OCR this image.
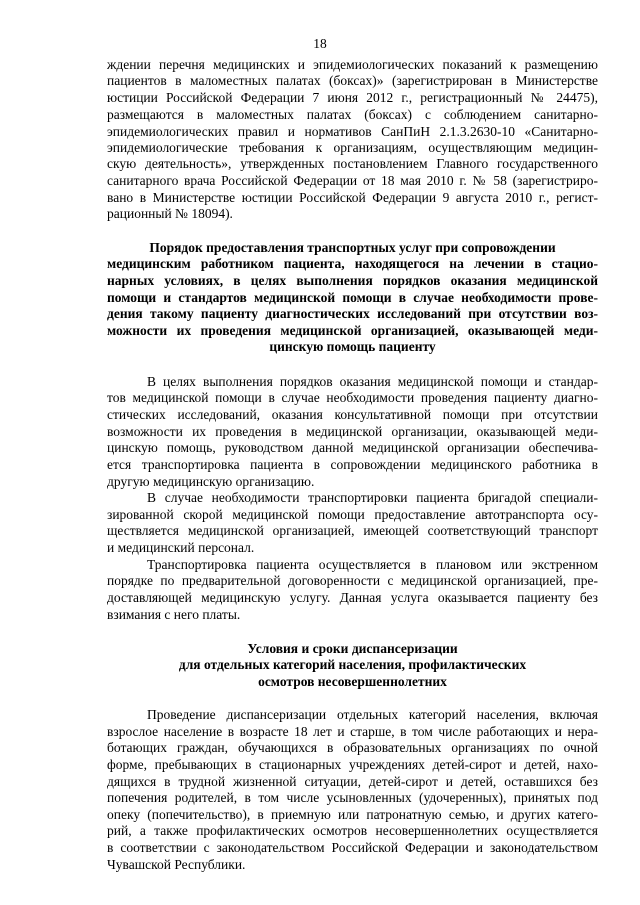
18
ждении перечня медицинских и эпидемиологических показаний к размещению
пациентов в маломестных палатах (боксах)» (зарегистрирован в Министерстве
юстиции Российской Федерации 7 июня 2012 г., регистрационный № 24475),
размещаются в маломестных палатах (боксах) с соблюдением санитарно-
эпидемиологических правил и нормативов СанПиН 2.1.3.2630-10 «Санитарно-
эпидемиологические требования к организациям, осуществляющим медицин-
скую деятельность», утвержденных постановлением Главного государственного
санитарного врача Российской Федерации от 18 мая 2010 г. № 58 (зарегистриро-
вано в Министерстве юстиции Российской Федерации 9 августа 2010 г., регист-
рационный № 18094).
Порядок предоставления транспортных услуг при сопровождении
медицинским работником пациента, находящегося на лечении в стацио-
нарных условиях, в целях выполнения порядков оказания медицинской
помощи и стандартов медицинской помощи в случае необходимости прове-
дения такому пациенту диагностических исследований при отсутствии воз-
можности их проведения медицинской организацией, оказывающей меди-
цинскую помощь пациенту
В целях выполнения порядков оказания медицинской помощи и стандар-
тов медицинской помощи в случае необходимости проведения пациенту диагно-
стических исследований, оказания консультативной помощи при отсутствии
возможности их проведения в медицинской организации, оказывающей меди-
цинскую помощь, руководством данной медицинской организации обеспечива-
ется транспортировка пациента в сопровождении медицинского работника в
другую медицинскую организацию.
В случае необходимости транспортировки пациента бригадой специали-
зированной скорой медицинской помощи предоставление автотранспорта осу-
ществляется медицинской организацией, имеющей соответствующий транспорт
и медицинский персонал.
Транспортировка пациента осуществляется в плановом или экстренном
порядке по предварительной договоренности с медицинской организацией, пре-
доставляющей медицинскую услугу. Данная услуга оказывается пациенту без
взимания с него платы.
Условия и сроки диспансеризации
для отдельных категорий населения, профилактических
осмотров несовершеннолетних
Проведение диспансеризации отдельных категорий населения, включая
взрослое население в возрасте 18 лет и старше, в том числе работающих и нера-
ботающих граждан, обучающихся в образовательных организациях по очной
форме, пребывающих в стационарных учреждениях детей-сирот и детей, нахо-
дящихся в трудной жизненной ситуации, детей-сирот и детей, оставшихся без
попечения родителей, в том числе усыновленных (удочеренных), принятых под
опеку (попечительство), в приемную или патронатную семью, и других катего-
рий, а также профилактических осмотров несовершеннолетних осуществляется
в соответствии с законодательством Российской Федерации и законодательством
Чувашской Республики.
